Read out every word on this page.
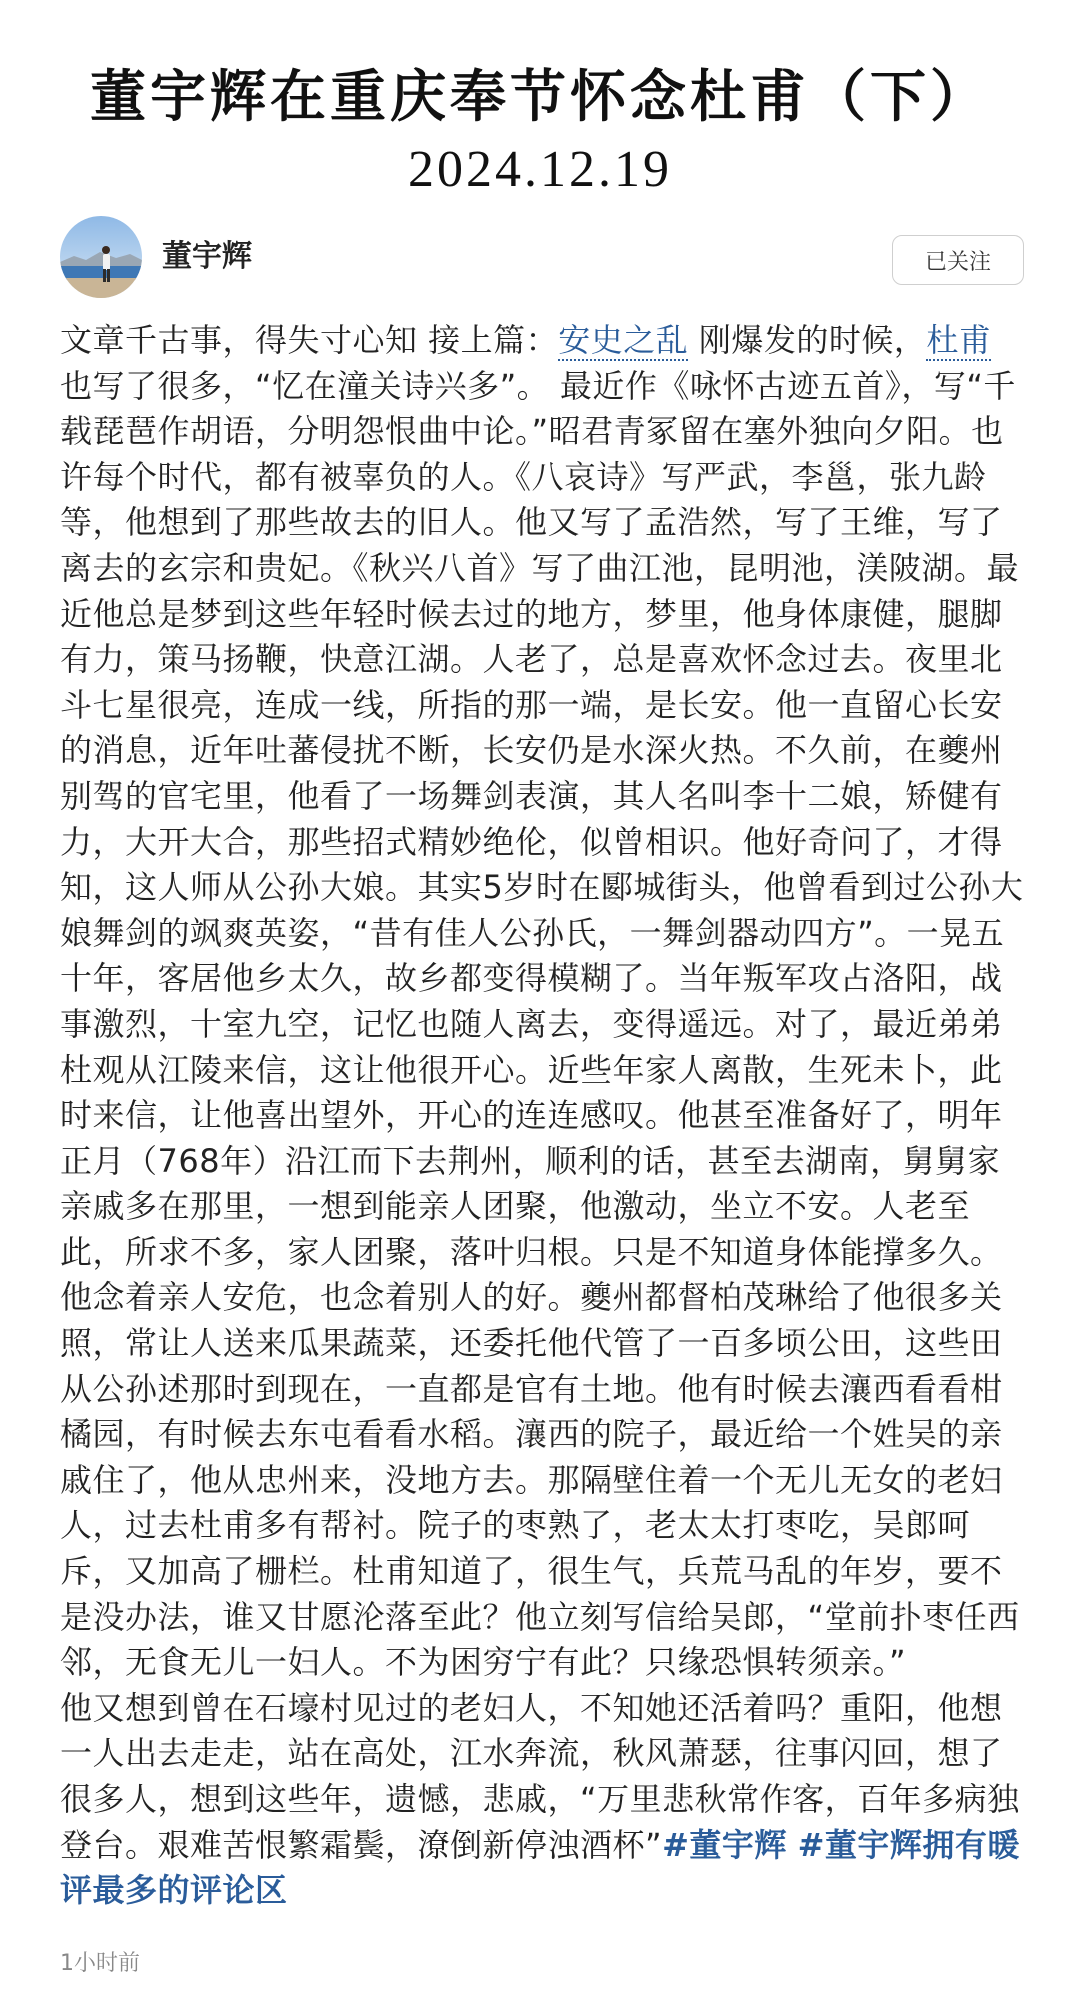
董宇辉在重庆奉节怀念杜甫（下）
2024.12.19
董宇辉	已关注

文章千古事，得失寸心知 接上篇：安史之乱 刚爆发的时候，杜甫 也写了很多，“忆在潼关诗兴多”。 最近作《咏怀古迹五首》，写“千载琵琶作胡语，分明怨恨曲中论。”昭君青冢留在塞外独向夕阳。也许每个时代，都有被辜负的人。《八哀诗》写严武，李邕，张九龄等，他想到了那些故去的旧人。他又写了孟浩然，写了王维，写了离去的玄宗和贵妃。《秋兴八首》写了曲江池，昆明池，渼陂湖。最近他总是梦到这些年轻时候去过的地方，梦里，他身体康健，腿脚有力，策马扬鞭，快意江湖。人老了，总是喜欢怀念过去。夜里北斗七星很亮，连成一线，所指的那一端，是长安。他一直留心长安的消息，近年吐蕃侵扰不断，长安仍是水深火热。不久前，在夔州别驾的官宅里，他看了一场舞剑表演，其人名叫李十二娘，矫健有力，大开大合，那些招式精妙绝伦，似曾相识。他好奇问了，才得知，这人师从公孙大娘。其实5岁时在郾城街头，他曾看到过公孙大娘舞剑的飒爽英姿，“昔有佳人公孙氏，一舞剑器动四方”。一晃五十年，客居他乡太久，故乡都变得模糊了。当年叛军攻占洛阳，战事激烈，十室九空，记忆也随人离去，变得遥远。对了，最近弟弟杜观从江陵来信，这让他很开心。近些年家人离散，生死未卜，此时来信，让他喜出望外，开心的连连感叹。他甚至准备好了，明年正月（768年）沿江而下去荆州，顺利的话，甚至去湖南，舅舅家亲戚多在那里，一想到能亲人团聚，他激动，坐立不安。人老至此，所求不多，家人团聚，落叶归根。只是不知道身体能撑多久。

他念着亲人安危，也念着别人的好。夔州都督柏茂琳给了他很多关照，常让人送来瓜果蔬菜，还委托他代管了一百多顷公田，这些田从公孙述那时到现在，一直都是官有土地。他有时候去瀼西看看柑橘园，有时候去东屯看看水稻。瀼西的院子，最近给一个姓吴的亲戚住了，他从忠州来，没地方去。那隔壁住着一个无儿无女的老妇人，过去杜甫多有帮衬。院子的枣熟了，老太太打枣吃，吴郎呵斥，又加高了栅栏。杜甫知道了，很生气，兵荒马乱的年岁，要不是没办法，谁又甘愿沦落至此？他立刻写信给吴郎，“堂前扑枣任西邻，无食无儿一妇人。不为困穷宁有此？只缘恐惧转须亲。”

他又想到曾在石壕村见过的老妇人，不知她还活着吗？重阳，他想一人出去走走，站在高处，江水奔流，秋风萧瑟，往事闪回，想了很多人，想到这些年，遗憾，悲戚，“万里悲秋常作客，百年多病独登台。艰难苦恨繁霜鬓，潦倒新停浊酒杯”#董宇辉 #董宇辉拥有暖评最多的评论区

1小时前
